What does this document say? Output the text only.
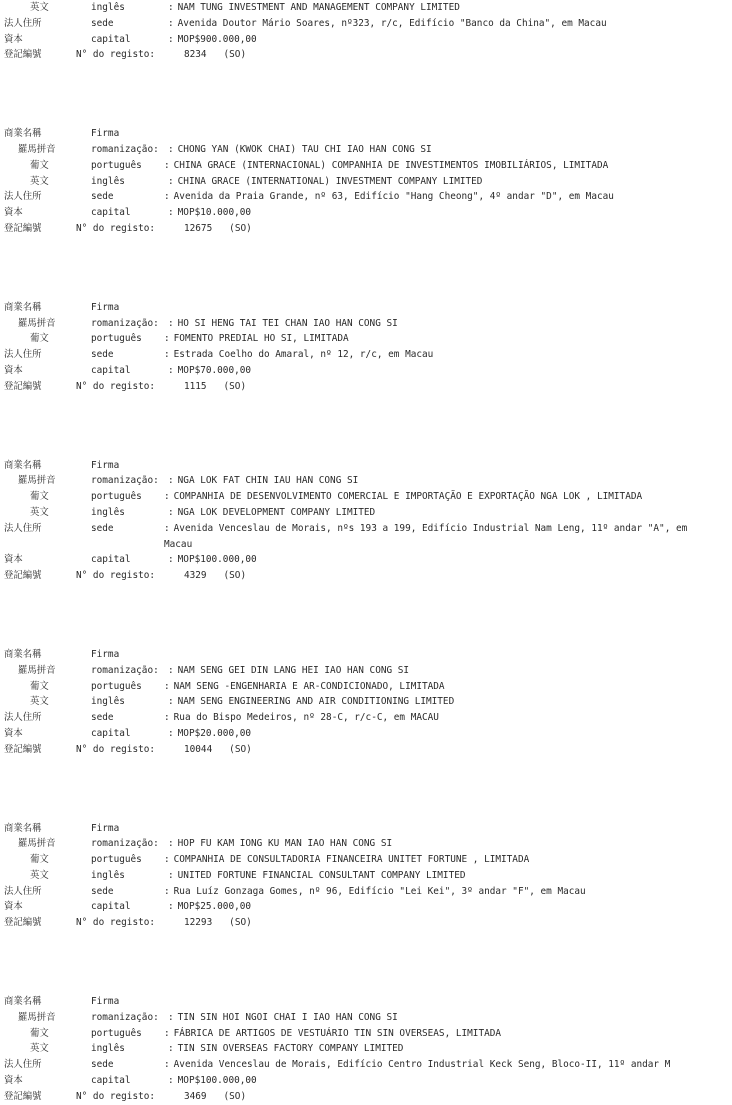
英文	inglês	: NAM TUNG INVESTMENT AND MANAGEMENT COMPANY LIMITED
法人住所	sede	: Avenida Doutor Mário Soares, nº323, r/c, Edifício "Banco da China", em Macau
資本	capital	: MOP$900.000,00
登記編號	N° do registo:	8234 (SO)
商業名稱	Firma
羅馬拼音	romanização: : CHONG YAN (KWOK CHAI) TAU CHI IAO HAN CONG SI
葡文	português : CHINA GRACE (INTERNACIONAL) COMPANHIA DE INVESTIMENTOS IMOBILIÁRIOS, LIMITADA
英文	inglês	: CHINA GRACE (INTERNATIONAL) INVESTMENT COMPANY LIMITED
法人住所	sede	: Avenida da Praia Grande, nº 63, Edifício "Hang Cheong", 4º andar "D", em Macau
資本	capital	: MOP$10.000,00
登記編號	N° do registo:	12675 (SO)
商業名稱	Firma
羅馬拼音	romanização: : HO SI HENG TAI TEI CHAN IAO HAN CONG SI
葡文	português : FOMENTO PREDIAL HO SI, LIMITADA
法人住所	sede	: Estrada Coelho do Amaral, nº 12, r/c, em Macau
資本	capital	: MOP$70.000,00
登記編號	N° do registo:	1115 (SO)
商業名稱	Firma
羅馬拼音	romanização: : NGA LOK FAT CHIN IAU HAN CONG SI
葡文	português : COMPANHIA DE DESENVOLVIMENTO COMERCIAL E IMPORTAÇÃO E EXPORTAÇÃO NGA LOK , LIMITADA
英文	inglês	: NGA LOK DEVELOPMENT COMPANY LIMITED
法人住所	sede	: Avenida Venceslau de Morais, nºs 193 a 199, Edifício Industrial Nam Leng, 11º andar "A", em Macau
資本	capital	: MOP$100.000,00
登記編號	N° do registo:	4329 (SO)
商業名稱	Firma
羅馬拼音	romanização: : NAM SENG GEI DIN LANG HEI IAO HAN CONG SI
葡文	português : NAM SENG -ENGENHARIA E AR-CONDICIONADO, LIMITADA
英文	inglês	: NAM SENG ENGINEERING AND AIR CONDITIONING LIMITED
法人住所	sede	: Rua do Bispo Medeiros, nº 28-C, r/c-C, em MACAU
資本	capital	: MOP$20.000,00
登記編號	N° do registo:	10044 (SO)
商業名稱	Firma
羅馬拼音	romanização: : HOP FU KAM IONG KU MAN IAO HAN CONG SI
葡文	português : COMPANHIA DE CONSULTADORIA FINANCEIRA UNITET FORTUNE , LIMITADA
英文	inglês	: UNITED FORTUNE FINANCIAL CONSULTANT COMPANY LIMITED
法人住所	sede	: Rua Luíz Gonzaga Gomes, nº 96, Edifício "Lei Kei", 3º andar "F", em Macau
資本	capital	: MOP$25.000,00
登記編號	N° do registo:	12293 (SO)
商業名稱	Firma
羅馬拼音	romanização: : TIN SIN HOI NGOI CHAI I IAO HAN CONG SI
葡文	português : FÁBRICA DE ARTIGOS DE VESTUÁRIO TIN SIN OVERSEAS, LIMITADA
英文	inglês	: TIN SIN OVERSEAS FACTORY COMPANY LIMITED
法人住所	sede	: Avenida Venceslau de Morais, Edifício Centro Industrial Keck Seng, Bloco-II, 11º andar M
資本	capital	: MOP$100.000,00
登記編號	N° do registo:	3469 (SO)
